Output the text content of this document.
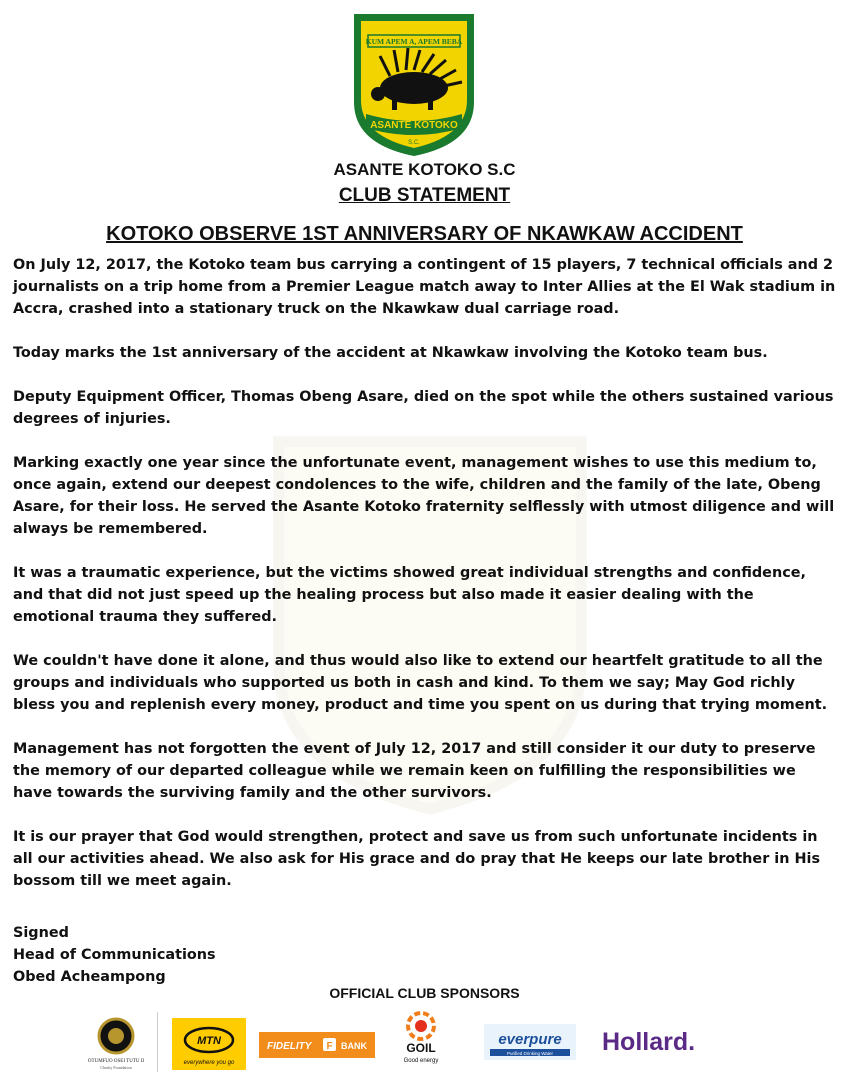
KUM APEM A, APEM BEBA
ASANTE KOTOKO
S.C.
ASANTE KOTOKO S.C
CLUB STATEMENT
KOTOKO OBSERVE 1ST ANNIVERSARY OF NKAWKAW ACCIDENT

On July 12, 2017, the Kotoko team bus carrying a contingent of 15 players, 7 technical officials and 2 journalists on a trip home from a Premier League match away to Inter Allies at the El Wak stadium in Accra, crashed into a stationary truck on the Nkawkaw dual carriage road.

Today marks the 1st anniversary of the accident at Nkawkaw involving the Kotoko team bus.

Deputy Equipment Officer, Thomas Obeng Asare, died on the spot while the others sustained various degrees of injuries.

Marking exactly one year since the unfortunate event, management wishes to use this medium to, once again, extend our deepest condolences to the wife, children and the family of the late, Obeng Asare, for their loss. He served the Asante Kotoko fraternity selflessly with utmost diligence and will always be remembered.

It was a traumatic experience, but the victims showed great individual strengths and confidence, and that did not just speed up the healing process but also made it easier dealing with the emotional trauma they suffered.

We couldn't have done it alone, and thus would also like to extend our heartfelt gratitude to all the groups and individuals who supported us both in cash and kind. To them we say; May God richly bless you and replenish every money, product and time you spent on us during that trying moment.

Management has not forgotten the event of July 12, 2017 and still consider it our duty to preserve the memory of our departed colleague while we remain keen on fulfilling the responsibilities we have towards the surviving family and the other survivors.

It is our prayer that God would strengthen, protect and save us from such unfortunate incidents in all our activities ahead. We also ask for His grace and do pray that He keeps our late brother in His bossom till we meet again.

Signed
Head of Communications
Obed Acheampong
OFFICIAL CLUB SPONSORS
OTUMFUO OSEI TUTU II
Charity Foundation
MTN
everywhere you go
FIDELITY F BANK	GOIL
Good energy
everpure
Purified Drinking Water Hollard.
